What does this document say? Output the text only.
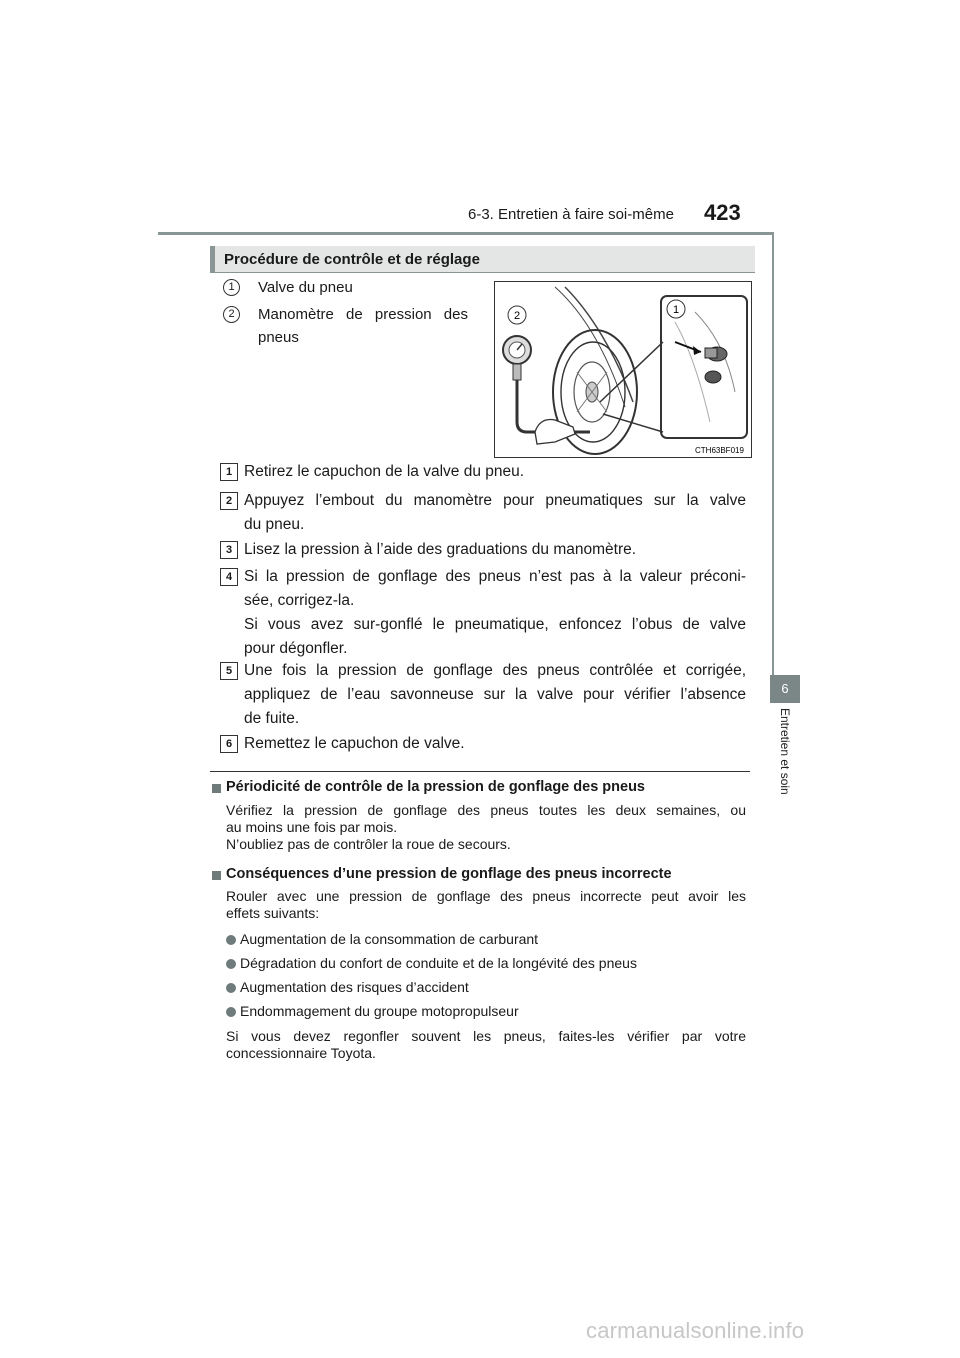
6-3. Entretien à faire soi-même 423
6
Entretien et soin
Procédure de contrôle et de réglage
1	Valve du pneu
2	Manomètre de pression des
pneus
2	1
CTH63BF019
1 Retirez le capuchon de la valve du pneu.
2 Appuyez l’embout du manomètre pour pneumatiques sur la valve
du pneu.
3 Lisez la pression à l’aide des graduations du manomètre.
4 Si la pression de gonflage des pneus n’est pas à la valeur préconi-
sée, corrigez-la.
Si vous avez sur-gonflé le pneumatique, enfoncez l’obus de valve
pour dégonfler.
5 Une fois la pression de gonflage des pneus contrôlée et corrigée,
appliquez de l’eau savonneuse sur la valve pour vérifier l’absence
de fuite.
6 Remettez le capuchon de valve.
Périodicité de contrôle de la pression de gonflage des pneus
Vérifiez la pression de gonflage des pneus toutes les deux semaines, ou
au moins une fois par mois.
N’oubliez pas de contrôler la roue de secours.
Conséquences d’une pression de gonflage des pneus incorrecte
Rouler avec une pression de gonflage des pneus incorrecte peut avoir les
effets suivants:
Augmentation de la consommation de carburant
Dégradation du confort de conduite et de la longévité des pneus
Augmentation des risques d’accident
Endommagement du groupe motopropulseur
Si vous devez regonfler souvent les pneus, faites-les vérifier par votre
concessionnaire Toyota.
carmanualsonline.info
